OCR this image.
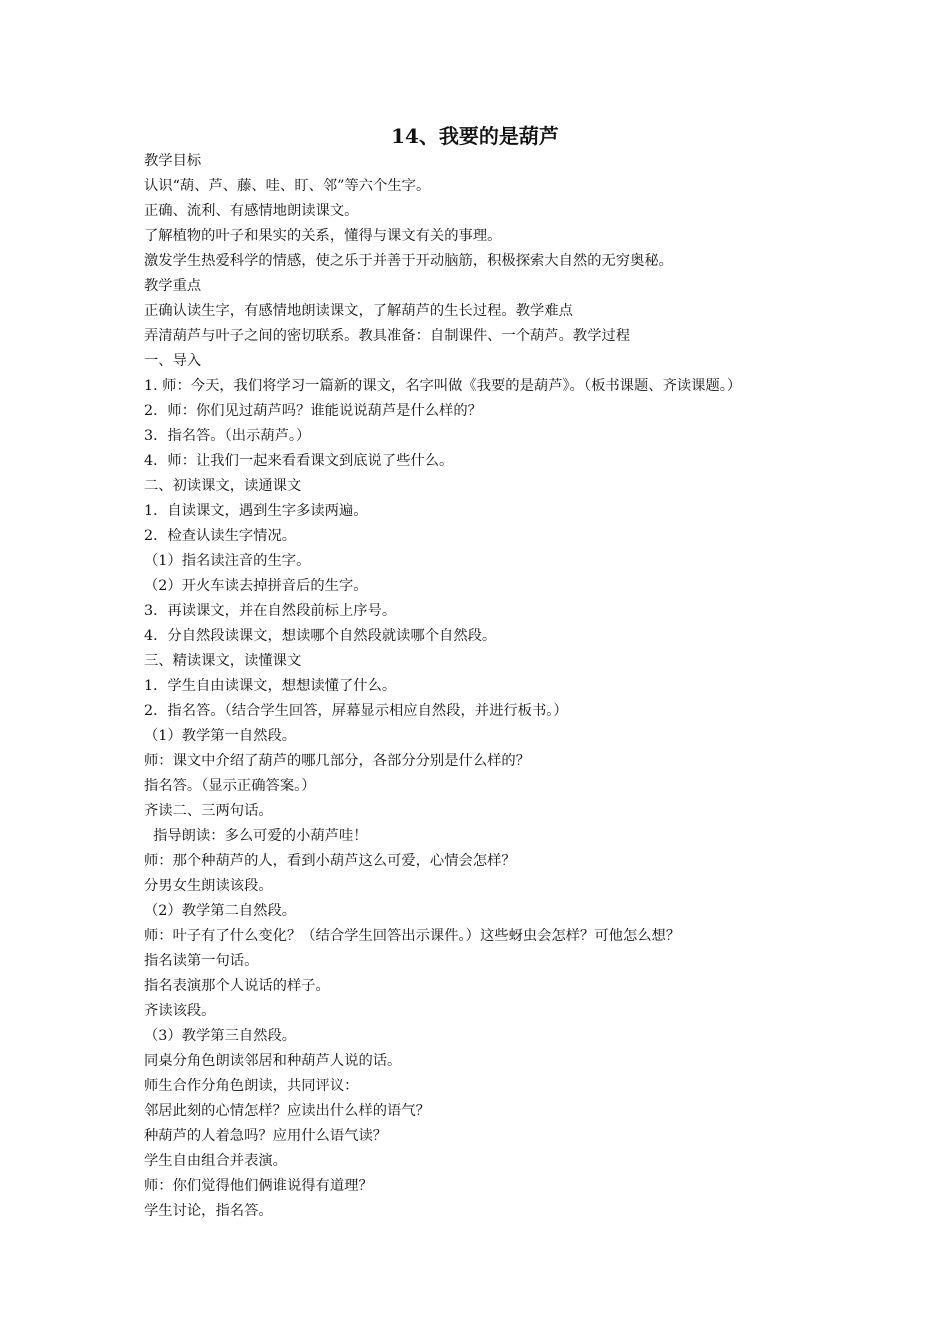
14、我要的是葫芦
教学目标
认识“葫、芦、藤、哇、盯、邻”等六个生字。
正确、流利、有感情地朗读课文。
了解植物的叶子和果实的关系，懂得与课文有关的事理。
激发学生热爱科学的情感，使之乐于并善于开动脑筋，积极探索大自然的无穷奥秘。
教学重点
正确认读生字，有感情地朗读课文，了解葫芦的生长过程。教学难点
弄清葫芦与叶子之间的密切联系。教具准备：自制课件、一个葫芦。教学过程
一、导入
1. 师：今天，我们将学习一篇新的课文，名字叫做《我要的是葫芦》。（板书课题、齐读课题。）
2．师：你们见过葫芦吗？谁能说说葫芦是什么样的？
3．指名答。（出示葫芦。）
4．师：让我们一起来看看课文到底说了些什么。
二、初读课文，读通课文
1．自读课文，遇到生字多读两遍。
2．检查认读生字情况。
（1）指名读注音的生字。
（2）开火车读去掉拼音后的生字。
3．再读课文，并在自然段前标上序号。
4．分自然段读课文，想读哪个自然段就读哪个自然段。
三、精读课文，读懂课文
1．学生自由读课文，想想读懂了什么。
2．指名答。（结合学生回答，屏幕显示相应自然段，并进行板书。）
（1）教学第一自然段。
师：课文中介绍了葫芦的哪几部分，各部分分别是什么样的？
指名答。（显示正确答案。）
齐读二、三两句话。
指导朗读：多么可爱的小葫芦哇！
师：那个种葫芦的人，看到小葫芦这么可爱，心情会怎样？
分男女生朗读该段。
（2）教学第二自然段。
师：叶子有了什么变化？（结合学生回答出示课件。）这些蚜虫会怎样？可他怎么想？
指名读第一句话。
指名表演那个人说话的样子。
齐读该段。
（3）教学第三自然段。
同桌分角色朗读邻居和种葫芦人说的话。
师生合作分角色朗读，共同评议：
邻居此刻的心情怎样？应读出什么样的语气？
种葫芦的人着急吗？应用什么语气读？
学生自由组合并表演。
师：你们觉得他们俩谁说得有道理？
学生讨论，指名答。
